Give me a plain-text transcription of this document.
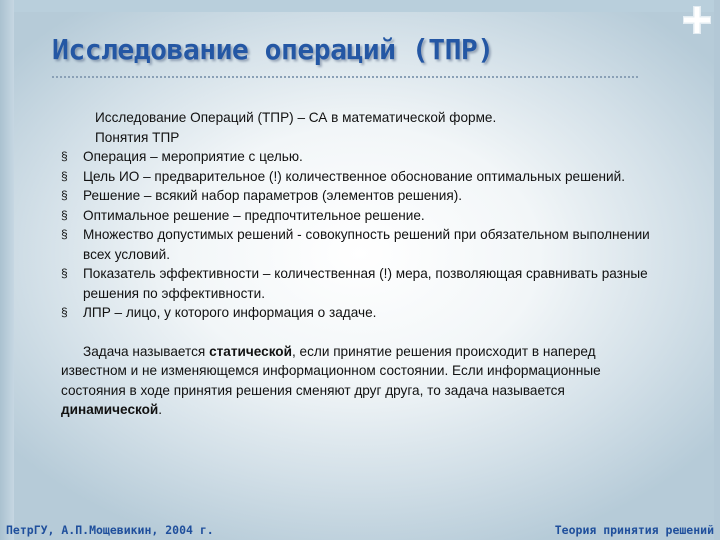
Исследование операций (ТПР)

Исследование Операций (ТПР) – СА в математической форме.

Понятия ТПР

§ Операция – мероприятие с целью.

§ Цель ИО – предварительное (!) количественное обоснование оптимальных решений.

§ Решение – всякий набор параметров (элементов решения).

§ Оптимальное решение – предпочтительное решение.

§ Множество допустимых решений - совокупность решений при обязательном выполнении всех условий.

§ Показатель эффективности – количественная (!) мера, позволяющая сравнивать разные решения по эффективности.

§ ЛПР – лицо, у которого информация о задаче.

Задача называется статической, если принятие решения происходит в наперед известном и не изменяющемся информационном состоянии. Если информационные состояния в ходе принятия решения сменяют друг друга, то задача называется динамической.

ПетрГУ, А.П.Мощевикин, 2004 г.	Теория принятия решений
